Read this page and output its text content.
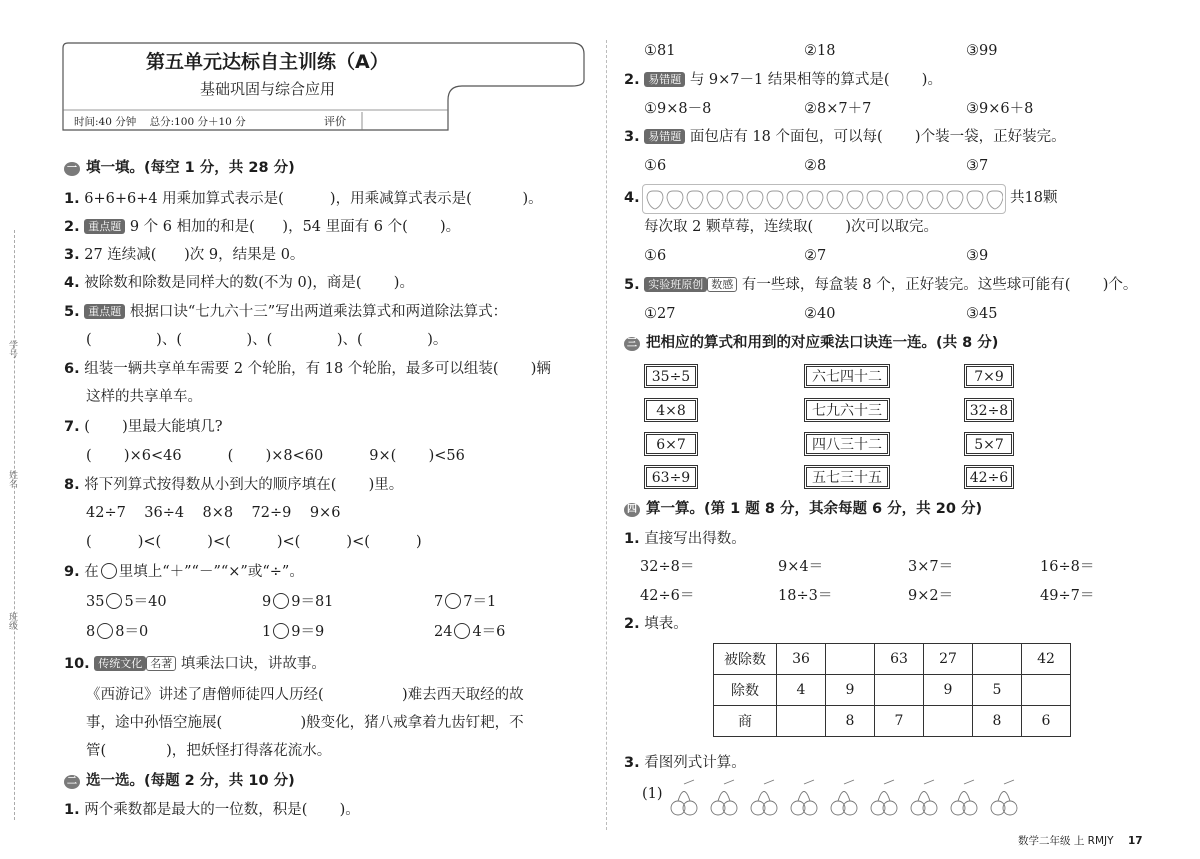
学号
姓名
班级
第五单元达标自主训练（A）
基础巩固与综合应用
时间:40 分钟    总分:100 分＋10 分	评价
一 填一填。(每空 1 分，共 28 分)
1. 6+6+6+4 用乘加算式表示是(          )，用乘减算式表示是(           )。
2. 重点题 9 个 6 相加的和是(      )，54 里面有 6 个(       )。
3. 27 连续减(      )次 9，结果是 0。
4. 被除数和除数是同样大的数(不为 0)，商是(       )。
5. 重点题 根据口诀“七九六十三”写出两道乘法算式和两道除法算式：
(              )、(              )、(              )、(              )。
6. 组装一辆共享单车需要 2 个轮胎，有 18 个轮胎，最多可以组装(       )辆
这样的共享单车。
7. (       )里最大能填几?
(       )×6<46          (       )×8<60          9×(       )<56
8. 将下列算式按得数从小到大的顺序填在(       )里。
42÷7    36÷4    8×8    72÷9    9×6
(          )<(          )<(          )<(          )<(          )
9. 在 里填上“＋”“－”“×”或“÷”。
35 5＝40	9 9＝81	7 7＝1
8 8＝0	1 9＝9	24 4＝6
10. 传统文化 名著 填乘法口诀，讲故事。
《西游记》讲述了唐僧师徒四人历经(                 )难去西天取经的故
事，途中孙悟空施展(                 )般变化，猪八戒拿着九齿钉耙，不
管(             )，把妖怪打得落花流水。
二 选一选。(每题 2 分，共 10 分)
1. 两个乘数都是最大的一位数，积是(       )。
①81	②18	③99
2. 易错题 与 9×7－1 结果相等的算式是(       )。
①9×8－8	②8×7＋7	③9×6＋8
3. 易错题 面包店有 18 个面包，可以每(       )个装一袋，正好装完。
①6	②8	③7
4.	共18颗
每次取 2 颗草莓，连续取(       )次可以取完。
①6	②7	③9
5. 实验班原创 数感 有一些球，每盒装 8 个，正好装完。这些球可能有(       )个。
①27	②40	③45
三 把相应的算式和用到的对应乘法口诀连一连。(共 8 分)
35÷5
4×8
6×7
63÷9
六七四十二
七九六十三
四八三十二
五七三十五
7×9
32÷8
5×7
42÷6
四 算一算。(第 1 题 8 分，其余每题 6 分，共 20 分)
1. 直接写出得数。
32÷8＝	9×4＝	3×7＝	16÷8＝
42÷6＝	18÷3＝	9×2＝	49÷7＝
2. 填表。
被除数	36		63	27		42
除数	4	9		9	5	
商		8	7		8	6
3. 看图列式计算。
(1)
数学二年级 上 RMJY 17
